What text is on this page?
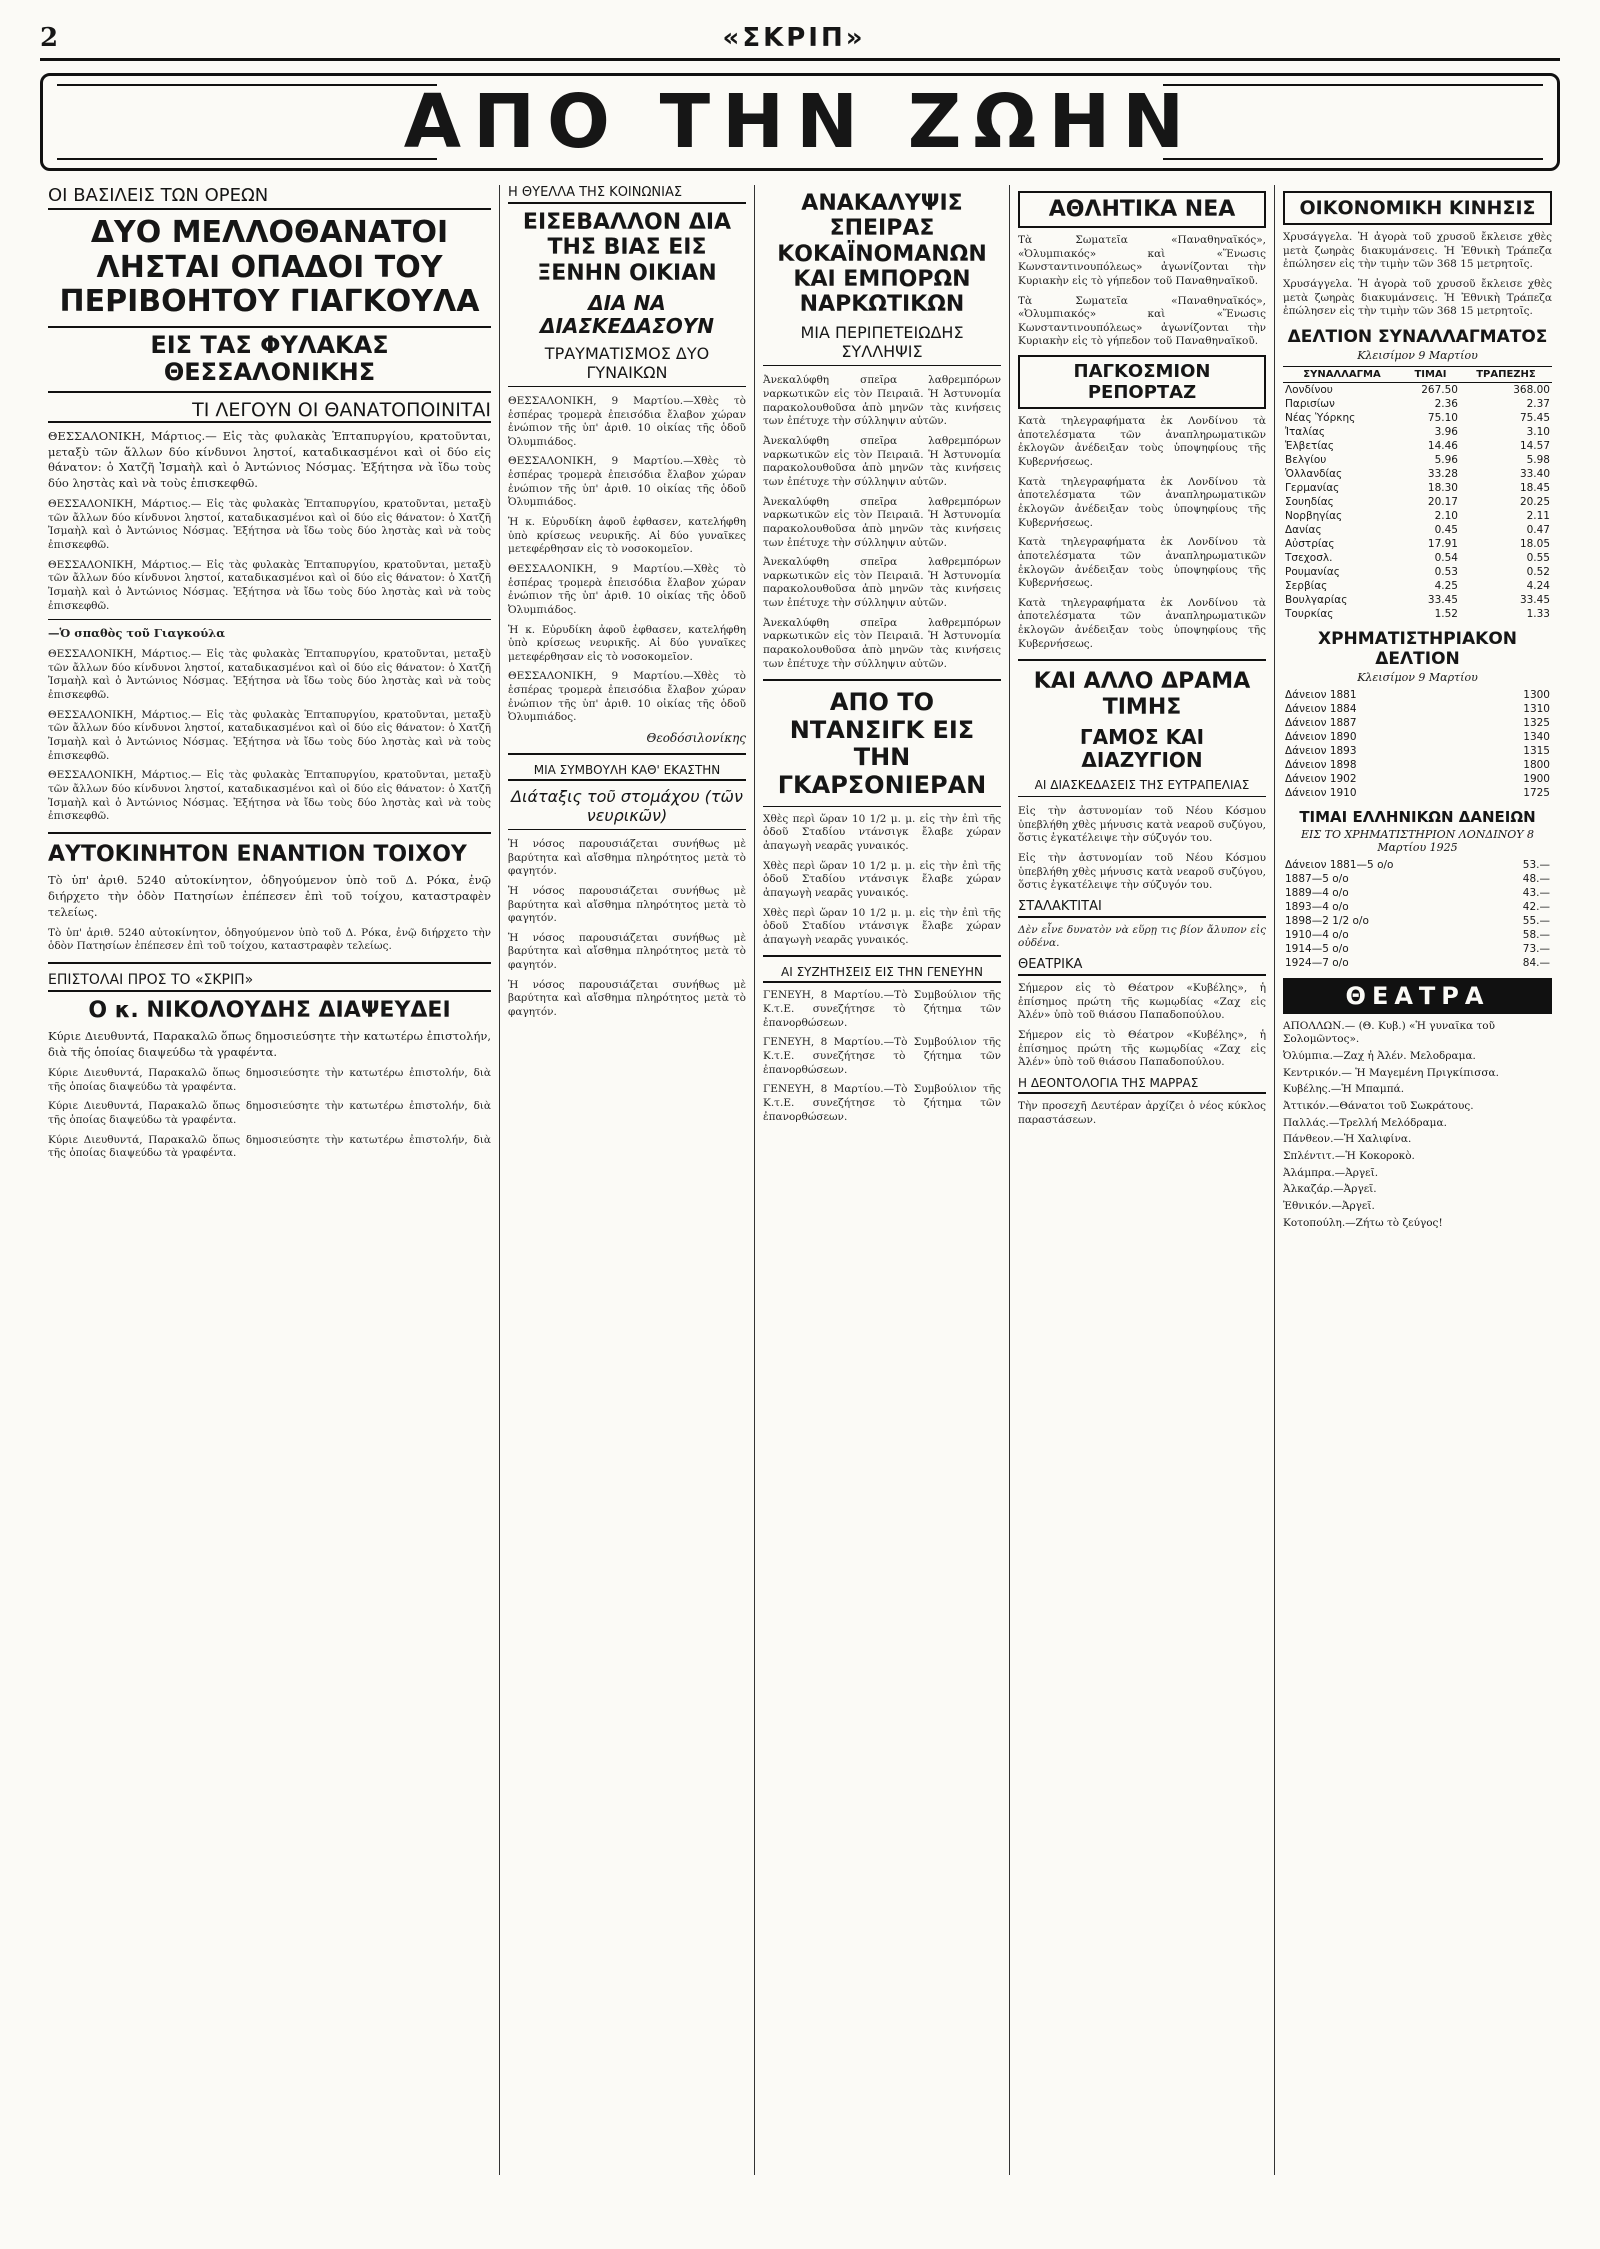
2	«ΣΚΡΙΠ»
ΑΠΟ ΤΗΝ ΖΩΗΝ
ΟΙ ΒΑΣΙΛΕΙΣ ΤΩΝ ΟΡΕΩΝ
ΔΥΟ ΜΕΛΛΟΘΑΝΑΤΟΙ ΛΗΣΤΑΙ ΟΠΑΔΟΙ ΤΟΥ ΠΕΡΙΒΟΗΤΟΥ ΓΙΑΓΚΟΥΛΑ
ΕΙΣ ΤΑΣ ΦΥΛΑΚΑΣ ΘΕΣΣΑΛΟΝΙΚΗΣ
ΤΙ ΛΕΓΟΥΝ ΟΙ ΘΑΝΑΤΟΠΟΙΝΙΤΑΙ

ΘΕΣΣΑΛΟΝΙΚΗ, Μάρτιος.— Εἰς τὰς φυλακὰς Ἑπταπυργίου, κρατοῦνται, μεταξὺ τῶν ἄλλων δύο κίνδυνοι ληστοί, καταδικασμένοι καὶ οἱ δύο εἰς θάνατον: ὁ Χατζῆ Ἰσμαὴλ καὶ ὁ Ἀντώνιος Νόσμας. Ἐξήτησα νὰ ἴδω τοὺς δύο ληστὰς καὶ νὰ τοὺς ἐπισκεφθῶ.

ΘΕΣΣΑΛΟΝΙΚΗ, Μάρτιος.— Εἰς τὰς φυλακὰς Ἑπταπυργίου, κρατοῦνται, μεταξὺ τῶν ἄλλων δύο κίνδυνοι ληστοί, καταδικασμένοι καὶ οἱ δύο εἰς θάνατον: ὁ Χατζῆ Ἰσμαὴλ καὶ ὁ Ἀντώνιος Νόσμας. Ἐξήτησα νὰ ἴδω τοὺς δύο ληστὰς καὶ νὰ τοὺς ἐπισκεφθῶ.

ΘΕΣΣΑΛΟΝΙΚΗ, Μάρτιος.— Εἰς τὰς φυλακὰς Ἑπταπυργίου, κρατοῦνται, μεταξὺ τῶν ἄλλων δύο κίνδυνοι ληστοί, καταδικασμένοι καὶ οἱ δύο εἰς θάνατον: ὁ Χατζῆ Ἰσμαὴλ καὶ ὁ Ἀντώνιος Νόσμας. Ἐξήτησα νὰ ἴδω τοὺς δύο ληστὰς καὶ νὰ τοὺς ἐπισκεφθῶ.

—Ὁ σπαθὸς τοῦ Γιαγκούλα

ΘΕΣΣΑΛΟΝΙΚΗ, Μάρτιος.— Εἰς τὰς φυλακὰς Ἑπταπυργίου, κρατοῦνται, μεταξὺ τῶν ἄλλων δύο κίνδυνοι ληστοί, καταδικασμένοι καὶ οἱ δύο εἰς θάνατον: ὁ Χατζῆ Ἰσμαὴλ καὶ ὁ Ἀντώνιος Νόσμας. Ἐξήτησα νὰ ἴδω τοὺς δύο ληστὰς καὶ νὰ τοὺς ἐπισκεφθῶ.

ΘΕΣΣΑΛΟΝΙΚΗ, Μάρτιος.— Εἰς τὰς φυλακὰς Ἑπταπυργίου, κρατοῦνται, μεταξὺ τῶν ἄλλων δύο κίνδυνοι ληστοί, καταδικασμένοι καὶ οἱ δύο εἰς θάνατον: ὁ Χατζῆ Ἰσμαὴλ καὶ ὁ Ἀντώνιος Νόσμας. Ἐξήτησα νὰ ἴδω τοὺς δύο ληστὰς καὶ νὰ τοὺς ἐπισκεφθῶ.

ΘΕΣΣΑΛΟΝΙΚΗ, Μάρτιος.— Εἰς τὰς φυλακὰς Ἑπταπυργίου, κρατοῦνται, μεταξὺ τῶν ἄλλων δύο κίνδυνοι ληστοί, καταδικασμένοι καὶ οἱ δύο εἰς θάνατον: ὁ Χατζῆ Ἰσμαὴλ καὶ ὁ Ἀντώνιος Νόσμας. Ἐξήτησα νὰ ἴδω τοὺς δύο ληστὰς καὶ νὰ τοὺς ἐπισκεφθῶ.

ΑΥΤΟΚΙΝΗΤΟΝ ΕΝΑΝΤΙΟΝ ΤΟΙΧΟΥ

Τὸ ὑπ' ἀριθ. 5240 αὐτοκίνητον, ὁδηγούμενον ὑπὸ τοῦ Δ. Ρόκα, ἐνῷ διήρχετο τὴν ὁδὸν Πατησίων ἐπέπεσεν ἐπὶ τοῦ τοίχου, καταστραφὲν τελείως.

Τὸ ὑπ' ἀριθ. 5240 αὐτοκίνητον, ὁδηγούμενον ὑπὸ τοῦ Δ. Ρόκα, ἐνῷ διήρχετο τὴν ὁδὸν Πατησίων ἐπέπεσεν ἐπὶ τοῦ τοίχου, καταστραφὲν τελείως.

ΕΠΙΣΤΟΛΑΙ ΠΡΟΣ ΤΟ «ΣΚΡΙΠ»
Ο κ. ΝΙΚΟΛΟΥΔΗΣ ΔΙΑΨΕΥΔΕΙ

Κύριε Διευθυντά, Παρακαλῶ ὅπως δημοσιεύσητε τὴν κατωτέρω ἐπιστολήν, διὰ τῆς ὁποίας διαψεύδω τὰ γραφέντα.

Κύριε Διευθυντά, Παρακαλῶ ὅπως δημοσιεύσητε τὴν κατωτέρω ἐπιστολήν, διὰ τῆς ὁποίας διαψεύδω τὰ γραφέντα.

Κύριε Διευθυντά, Παρακαλῶ ὅπως δημοσιεύσητε τὴν κατωτέρω ἐπιστολήν, διὰ τῆς ὁποίας διαψεύδω τὰ γραφέντα.

Κύριε Διευθυντά, Παρακαλῶ ὅπως δημοσιεύσητε τὴν κατωτέρω ἐπιστολήν, διὰ τῆς ὁποίας διαψεύδω τὰ γραφέντα.

Η ΘΥΕΛΛΑ ΤΗΣ ΚΟΙΝΩΝΙΑΣ
ΕΙΣΕΒΑΛΛΟΝ ΔΙΑ ΤΗΣ ΒΙΑΣ ΕΙΣ ΞΕΝΗΝ ΟΙΚΙΑΝ
ΔΙΑ ΝΑ ΔΙΑΣΚΕΔΑΣΟΥΝ
ΤΡΑΥΜΑΤΙΣΜΟΣ ΔΥΟ ΓΥΝΑΙΚΩΝ

ΘΕΣΣΑΛΟΝΙΚΗ, 9 Μαρτίου.—Χθὲς τὸ ἑσπέρας τρομερὰ ἐπεισόδια ἔλαβον χώραν ἐνώπιον τῆς ὑπ' ἀριθ. 10 οἰκίας τῆς ὁδοῦ Ὀλυμπιάδος.

ΘΕΣΣΑΛΟΝΙΚΗ, 9 Μαρτίου.—Χθὲς τὸ ἑσπέρας τρομερὰ ἐπεισόδια ἔλαβον χώραν ἐνώπιον τῆς ὑπ' ἀριθ. 10 οἰκίας τῆς ὁδοῦ Ὀλυμπιάδος.

Ἡ κ. Εὐρυδίκη ἀφοῦ ἐφθασεν, κατελήφθη ὑπὸ κρίσεως νευρικῆς. Αἱ δύο γυναῖκες μετεφέρθησαν εἰς τὸ νοσοκομεῖον.

ΘΕΣΣΑΛΟΝΙΚΗ, 9 Μαρτίου.—Χθὲς τὸ ἑσπέρας τρομερὰ ἐπεισόδια ἔλαβον χώραν ἐνώπιον τῆς ὑπ' ἀριθ. 10 οἰκίας τῆς ὁδοῦ Ὀλυμπιάδος.

Ἡ κ. Εὐρυδίκη ἀφοῦ ἐφθασεν, κατελήφθη ὑπὸ κρίσεως νευρικῆς. Αἱ δύο γυναῖκες μετεφέρθησαν εἰς τὸ νοσοκομεῖον.

ΘΕΣΣΑΛΟΝΙΚΗ, 9 Μαρτίου.—Χθὲς τὸ ἑσπέρας τρομερὰ ἐπεισόδια ἔλαβον χώραν ἐνώπιον τῆς ὑπ' ἀριθ. 10 οἰκίας τῆς ὁδοῦ Ὀλυμπιάδος.

Θεοδόσιλονίκης
ΜΙΑ ΣΥΜΒΟΥΛΗ ΚΑΘ' ΕΚΑΣΤΗΝ
Διάταξις τοῦ στομάχου (τῶν νευρικῶν)

Ἡ νόσος παρουσιάζεται συνήθως μὲ βαρύτητα καὶ αἴσθημα πληρότητος μετὰ τὸ φαγητόν.

Ἡ νόσος παρουσιάζεται συνήθως μὲ βαρύτητα καὶ αἴσθημα πληρότητος μετὰ τὸ φαγητόν.

Ἡ νόσος παρουσιάζεται συνήθως μὲ βαρύτητα καὶ αἴσθημα πληρότητος μετὰ τὸ φαγητόν.

Ἡ νόσος παρουσιάζεται συνήθως μὲ βαρύτητα καὶ αἴσθημα πληρότητος μετὰ τὸ φαγητόν.

ΑΝΑΚΑΛΥΨΙΣ ΣΠΕΙΡΑΣ ΚΟΚΑΪΝΟΜΑΝΩΝ ΚΑΙ ΕΜΠΟΡΩΝ ΝΑΡΚΩΤΙΚΩΝ
ΜΙΑ ΠΕΡΙΠΕΤΕΙΩΔΗΣ ΣΥΛΛΗΨΙΣ

Ἀνεκαλύφθη σπεῖρα λαθρεμπόρων ναρκωτικῶν εἰς τὸν Πειραιᾶ. Ἡ Ἀστυνομία παρακολουθοῦσα ἀπὸ μηνῶν τὰς κινήσεις των ἐπέτυχε τὴν σύλληψιν αὐτῶν.

Ἀνεκαλύφθη σπεῖρα λαθρεμπόρων ναρκωτικῶν εἰς τὸν Πειραιᾶ. Ἡ Ἀστυνομία παρακολουθοῦσα ἀπὸ μηνῶν τὰς κινήσεις των ἐπέτυχε τὴν σύλληψιν αὐτῶν.

Ἀνεκαλύφθη σπεῖρα λαθρεμπόρων ναρκωτικῶν εἰς τὸν Πειραιᾶ. Ἡ Ἀστυνομία παρακολουθοῦσα ἀπὸ μηνῶν τὰς κινήσεις των ἐπέτυχε τὴν σύλληψιν αὐτῶν.

Ἀνεκαλύφθη σπεῖρα λαθρεμπόρων ναρκωτικῶν εἰς τὸν Πειραιᾶ. Ἡ Ἀστυνομία παρακολουθοῦσα ἀπὸ μηνῶν τὰς κινήσεις των ἐπέτυχε τὴν σύλληψιν αὐτῶν.

Ἀνεκαλύφθη σπεῖρα λαθρεμπόρων ναρκωτικῶν εἰς τὸν Πειραιᾶ. Ἡ Ἀστυνομία παρακολουθοῦσα ἀπὸ μηνῶν τὰς κινήσεις των ἐπέτυχε τὴν σύλληψιν αὐτῶν.

ΑΠΟ ΤΟ ΝΤΑΝΣΙΓΚ ΕΙΣ ΤΗΝ ΓΚΑΡΣΟΝΙΕΡΑΝ

Χθὲς περὶ ὥραν 10 1/2 μ. μ. εἰς τὴν ἐπὶ τῆς ὁδοῦ Σταδίου ντάνσιγκ ἔλαβε χώραν ἀπαγωγὴ νεαρᾶς γυναικός.

Χθὲς περὶ ὥραν 10 1/2 μ. μ. εἰς τὴν ἐπὶ τῆς ὁδοῦ Σταδίου ντάνσιγκ ἔλαβε χώραν ἀπαγωγὴ νεαρᾶς γυναικός.

Χθὲς περὶ ὥραν 10 1/2 μ. μ. εἰς τὴν ἐπὶ τῆς ὁδοῦ Σταδίου ντάνσιγκ ἔλαβε χώραν ἀπαγωγὴ νεαρᾶς γυναικός.

ΑΙ ΣΥΖΗΤΗΣΕΙΣ ΕΙΣ ΤΗΝ ΓΕΝΕΥΗΝ

ΓΕΝΕΥΗ, 8 Μαρτίου.—Τὸ Συμβούλιον τῆς Κ.τ.Ε. συνεζήτησε τὸ ζήτημα τῶν ἐπανορθώσεων.

ΓΕΝΕΥΗ, 8 Μαρτίου.—Τὸ Συμβούλιον τῆς Κ.τ.Ε. συνεζήτησε τὸ ζήτημα τῶν ἐπανορθώσεων.

ΓΕΝΕΥΗ, 8 Μαρτίου.—Τὸ Συμβούλιον τῆς Κ.τ.Ε. συνεζήτησε τὸ ζήτημα τῶν ἐπανορθώσεων.

ΑΘΛΗΤΙΚΑ ΝΕΑ

Τὰ Σωματεῖα «Παναθηναϊκός», «Ὀλυμπιακός» καὶ «Ἕνωσις Κωνσταντινουπόλεως» ἀγωνίζονται τὴν Κυριακὴν εἰς τὸ γήπεδον τοῦ Παναθηναϊκοῦ.

Τὰ Σωματεῖα «Παναθηναϊκός», «Ὀλυμπιακός» καὶ «Ἕνωσις Κωνσταντινουπόλεως» ἀγωνίζονται τὴν Κυριακὴν εἰς τὸ γήπεδον τοῦ Παναθηναϊκοῦ.

ΠΑΓΚΟΣΜΙΟΝ ΡΕΠΟΡΤΑΖ

Κατὰ τηλεγραφήματα ἐκ Λονδίνου τὰ ἀποτελέσματα τῶν ἀναπληρωματικῶν ἐκλογῶν ἀνέδειξαν τοὺς ὑποψηφίους τῆς Κυβερνήσεως.

Κατὰ τηλεγραφήματα ἐκ Λονδίνου τὰ ἀποτελέσματα τῶν ἀναπληρωματικῶν ἐκλογῶν ἀνέδειξαν τοὺς ὑποψηφίους τῆς Κυβερνήσεως.

Κατὰ τηλεγραφήματα ἐκ Λονδίνου τὰ ἀποτελέσματα τῶν ἀναπληρωματικῶν ἐκλογῶν ἀνέδειξαν τοὺς ὑποψηφίους τῆς Κυβερνήσεως.

Κατὰ τηλεγραφήματα ἐκ Λονδίνου τὰ ἀποτελέσματα τῶν ἀναπληρωματικῶν ἐκλογῶν ἀνέδειξαν τοὺς ὑποψηφίους τῆς Κυβερνήσεως.

ΚΑΙ ΑΛΛΟ ΔΡΑΜΑ ΤΙΜΗΣ
ΓΑΜΟΣ ΚΑΙ ΔΙΑΖΥΓΙΟΝ
ΑΙ ΔΙΑΣΚΕΔΑΣΕΙΣ ΤΗΣ ΕΥΤΡΑΠΕΛΙΑΣ

Εἰς τὴν ἀστυνομίαν τοῦ Νέου Κόσμου ὑπεβλήθη χθὲς μήνυσις κατὰ νεαροῦ συζύγου, ὅστις ἐγκατέλειψε τὴν σύζυγόν του.

Εἰς τὴν ἀστυνομίαν τοῦ Νέου Κόσμου ὑπεβλήθη χθὲς μήνυσις κατὰ νεαροῦ συζύγου, ὅστις ἐγκατέλειψε τὴν σύζυγόν του.

ΣΤΑΛΑΚΤΙΤΑΙ

Δὲν εἶνε δυνατὸν νὰ εὕρῃ τις βίον ἄλυπον εἰς οὐδένα.

ΘΕΑΤΡΙΚΑ

Σήμερον εἰς τὸ Θέατρον «Κυβέλης», ἡ ἐπίσημος πρώτη τῆς κωμῳδίας «Ζαχ εἰς Ἀλέν» ὑπὸ τοῦ θιάσου Παπαδοπούλου.

Σήμερον εἰς τὸ Θέατρον «Κυβέλης», ἡ ἐπίσημος πρώτη τῆς κωμῳδίας «Ζαχ εἰς Ἀλέν» ὑπὸ τοῦ θιάσου Παπαδοπούλου.

Η ΔΕΟΝΤΟΛΟΓΙΑ ΤΗΣ ΜΑΡΡΑΣ

Τὴν προσεχῆ Δευτέραν ἀρχίζει ὁ νέος κύκλος παραστάσεων.

ΟΙΚΟΝΟΜΙΚΗ ΚΙΝΗΣΙΣ

Χρυσάγγελα. Ἡ ἀγορὰ τοῦ χρυσοῦ ἔκλεισε χθὲς μετὰ ζωηρὰς διακυμάνσεις. Ἡ Ἐθνικὴ Τράπεζα ἐπώλησεν εἰς τὴν τιμὴν τῶν 368 15 μετρητοῖς.

Χρυσάγγελα. Ἡ ἀγορὰ τοῦ χρυσοῦ ἔκλεισε χθὲς μετὰ ζωηρὰς διακυμάνσεις. Ἡ Ἐθνικὴ Τράπεζα ἐπώλησεν εἰς τὴν τιμὴν τῶν 368 15 μετρητοῖς.

ΔΕΛΤΙΟΝ ΣΥΝΑΛΛΑΓΜΑΤΟΣ
Κλεισίμον 9 Μαρτίου
ΣΥΝΑΛΛΑΓΜΑ	ΤΙΜΑΙ	ΤΡΑΠΕΖΗΣ
Λονδίνου	267.50	368.00
Παρισίων	2.36	2.37
Νέας Ὑόρκης	75.10	75.45
Ἰταλίας	3.96	3.10
Ἑλβετίας	14.46	14.57
Βελγίου	5.96	5.98
Ὁλλανδίας	33.28	33.40
Γερμανίας	18.30	18.45
Σουηδίας	20.17	20.25
Νορβηγίας	2.10	2.11
Δανίας	0.45	0.47
Αὐστρίας	17.91	18.05
Τσεχοσλ.	0.54	0.55
Ρουμανίας	0.53	0.52
Σερβίας	4.25	4.24
Βουλγαρίας	33.45	33.45
Τουρκίας	1.52	1.33
ΧΡΗΜΑΤΙΣΤΗΡΙΑΚΟΝ ΔΕΛΤΙΟΝ
Κλεισίμον 9 Μαρτίου
Δάνειον 1881	1300
Δάνειον 1884	1310
Δάνειον 1887	1325
Δάνειον 1890	1340
Δάνειον 1893	1315
Δάνειον 1898	1800
Δάνειον 1902	1900
Δάνειον 1910	1725
ΤΙΜΑΙ ΕΛΛΗΝΙΚΩΝ ΔΑΝΕΙΩΝ
ΕΙΣ ΤΟ ΧΡΗΜΑΤΙΣΤΗΡΙΟΝ ΛΟΝΔΙΝΟΥ 8 Μαρτίου 1925
Δάνειον 1881—5 ο/ο	53.—
1887—5 ο/ο	48.—
1889—4 ο/ο	43.—
1893—4 ο/ο	42.—
1898—2 1/2 ο/ο	55.—
1910—4 ο/ο	58.—
1914—5 ο/ο	73.—
1924—7 ο/ο	84.—
ΘΕΑΤΡΑ

ΑΠΟΛΛΩΝ.— (Θ. Κυβ.) «Ἡ γυναῖκα τοῦ Σολομῶντος».

Ὀλύμπια.—Ζαχ ἠ Ἀλέν. Μελοδραμα.

Κεντρικόν.— Ἡ Μαγεμένη Πριγκίπισσα.

Κυβέλης.—Ἡ Μπαμπά.

Ἀττικόν.—Θάνατοι τοῦ Σωκράτους.

Παλλάς.—Τρελλή Μελόδραμα.

Πάνθεον.—Ἡ Χαλιφίνα.

Σπλέντιτ.—Ἡ Κοκοροκὸ.

Ἀλάμπρα.—Ἀργεῖ.

Ἀλκαζάρ.—Ἀργεῖ.

Ἐθνικόν.—Ἀργεῖ.

Κοτοπούλη.—Ζήτω τὸ ζεύγος!
